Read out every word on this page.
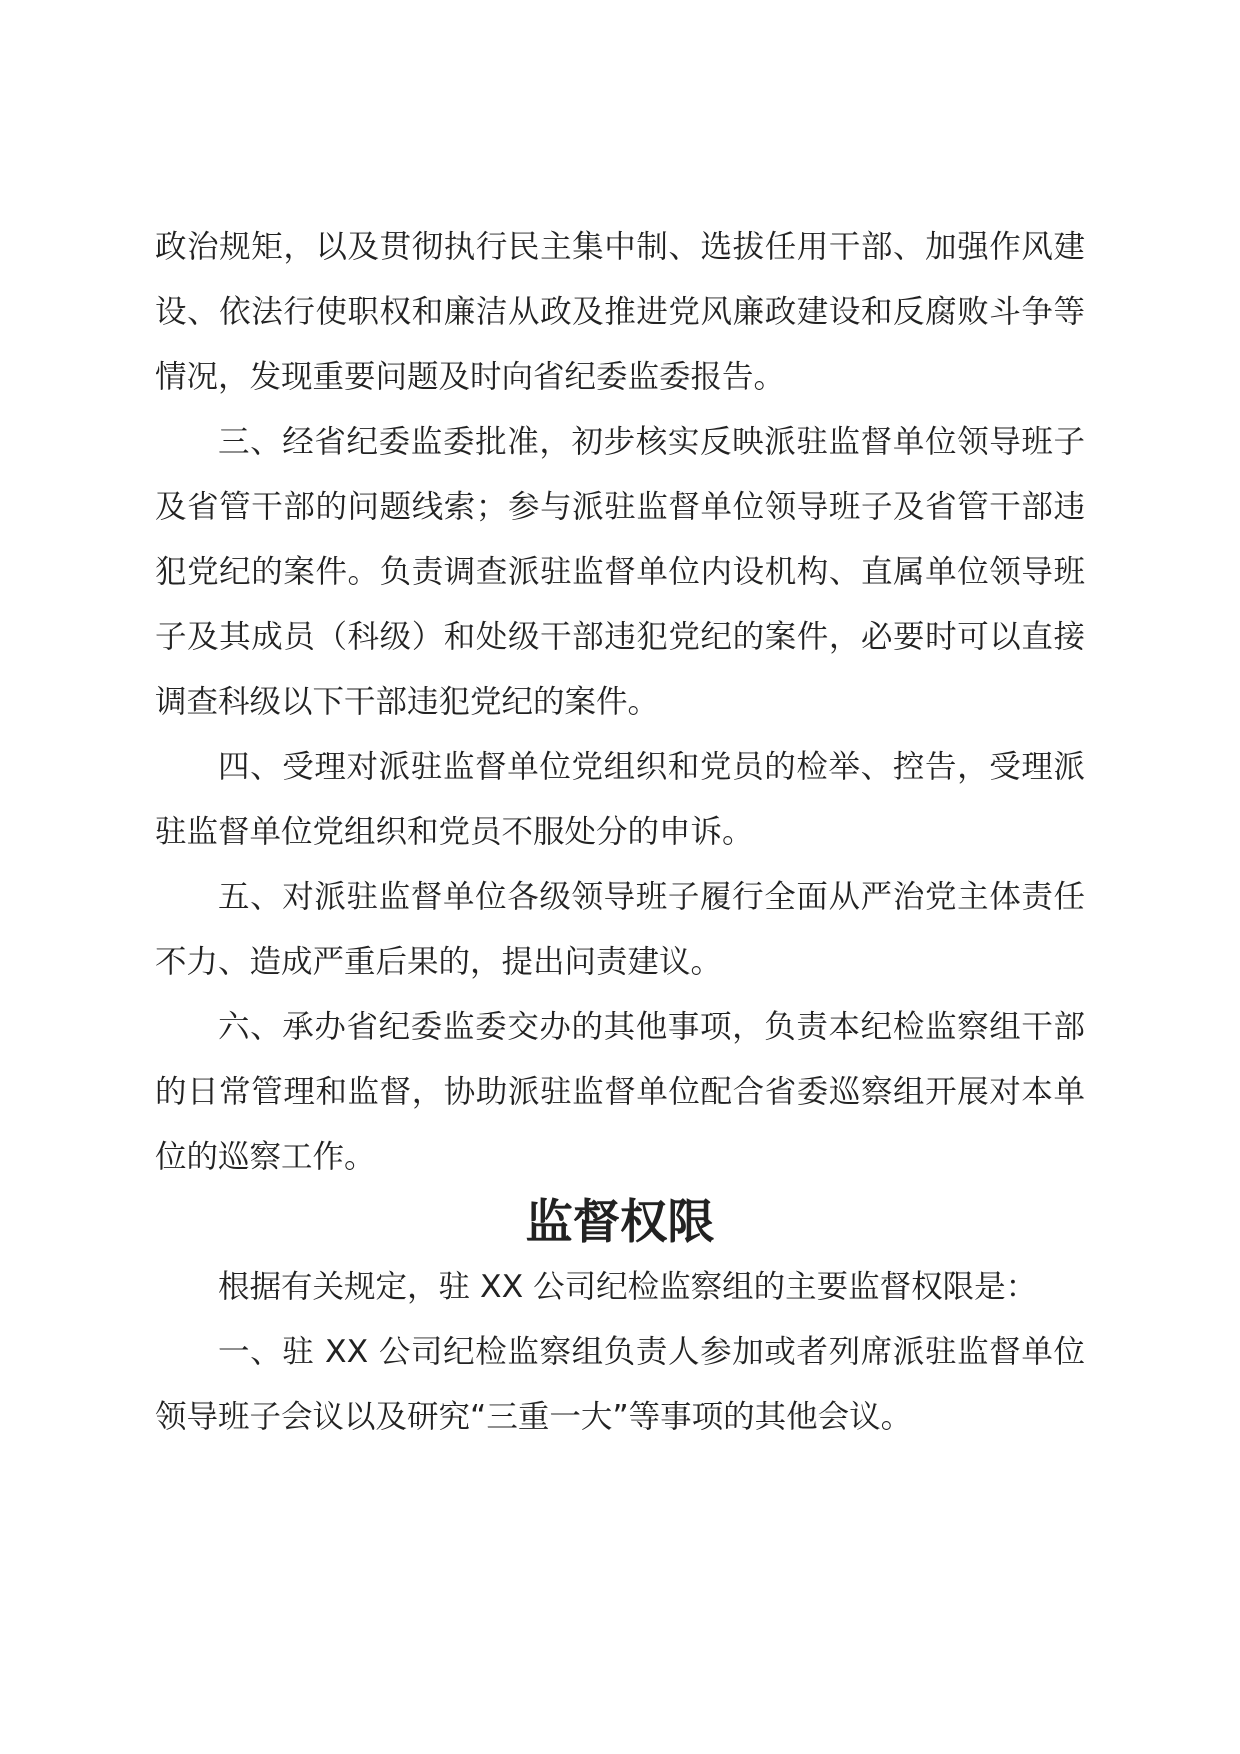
政治规矩，以及贯彻执行民主集中制、选拔任用干部、加强作风建设、依法行使职权和廉洁从政及推进党风廉政建设和反腐败斗争等情况，发现重要问题及时向省纪委监委报告。

三、经省纪委监委批准，初步核实反映派驻监督单位领导班子及省管干部的问题线索；参与派驻监督单位领导班子及省管干部违犯党纪的案件。负责调查派驻监督单位内设机构、直属单位领导班子及其成员（科级）和处级干部违犯党纪的案件，必要时可以直接调查科级以下干部违犯党纪的案件。

四、受理对派驻监督单位党组织和党员的检举、控告，受理派驻监督单位党组织和党员不服处分的申诉。

五、对派驻监督单位各级领导班子履行全面从严治党主体责任不力、造成严重后果的，提出问责建议。

六、承办省纪委监委交办的其他事项，负责本纪检监察组干部的日常管理和监督，协助派驻监督单位配合省委巡察组开展对本单位的巡察工作。

监督权限

根据有关规定，驻 XX 公司纪检监察组的主要监督权限是：

一、驻 XX 公司纪检监察组负责人参加或者列席派驻监督单位领导班子会议以及研究“三重一大”等事项的其他会议。
